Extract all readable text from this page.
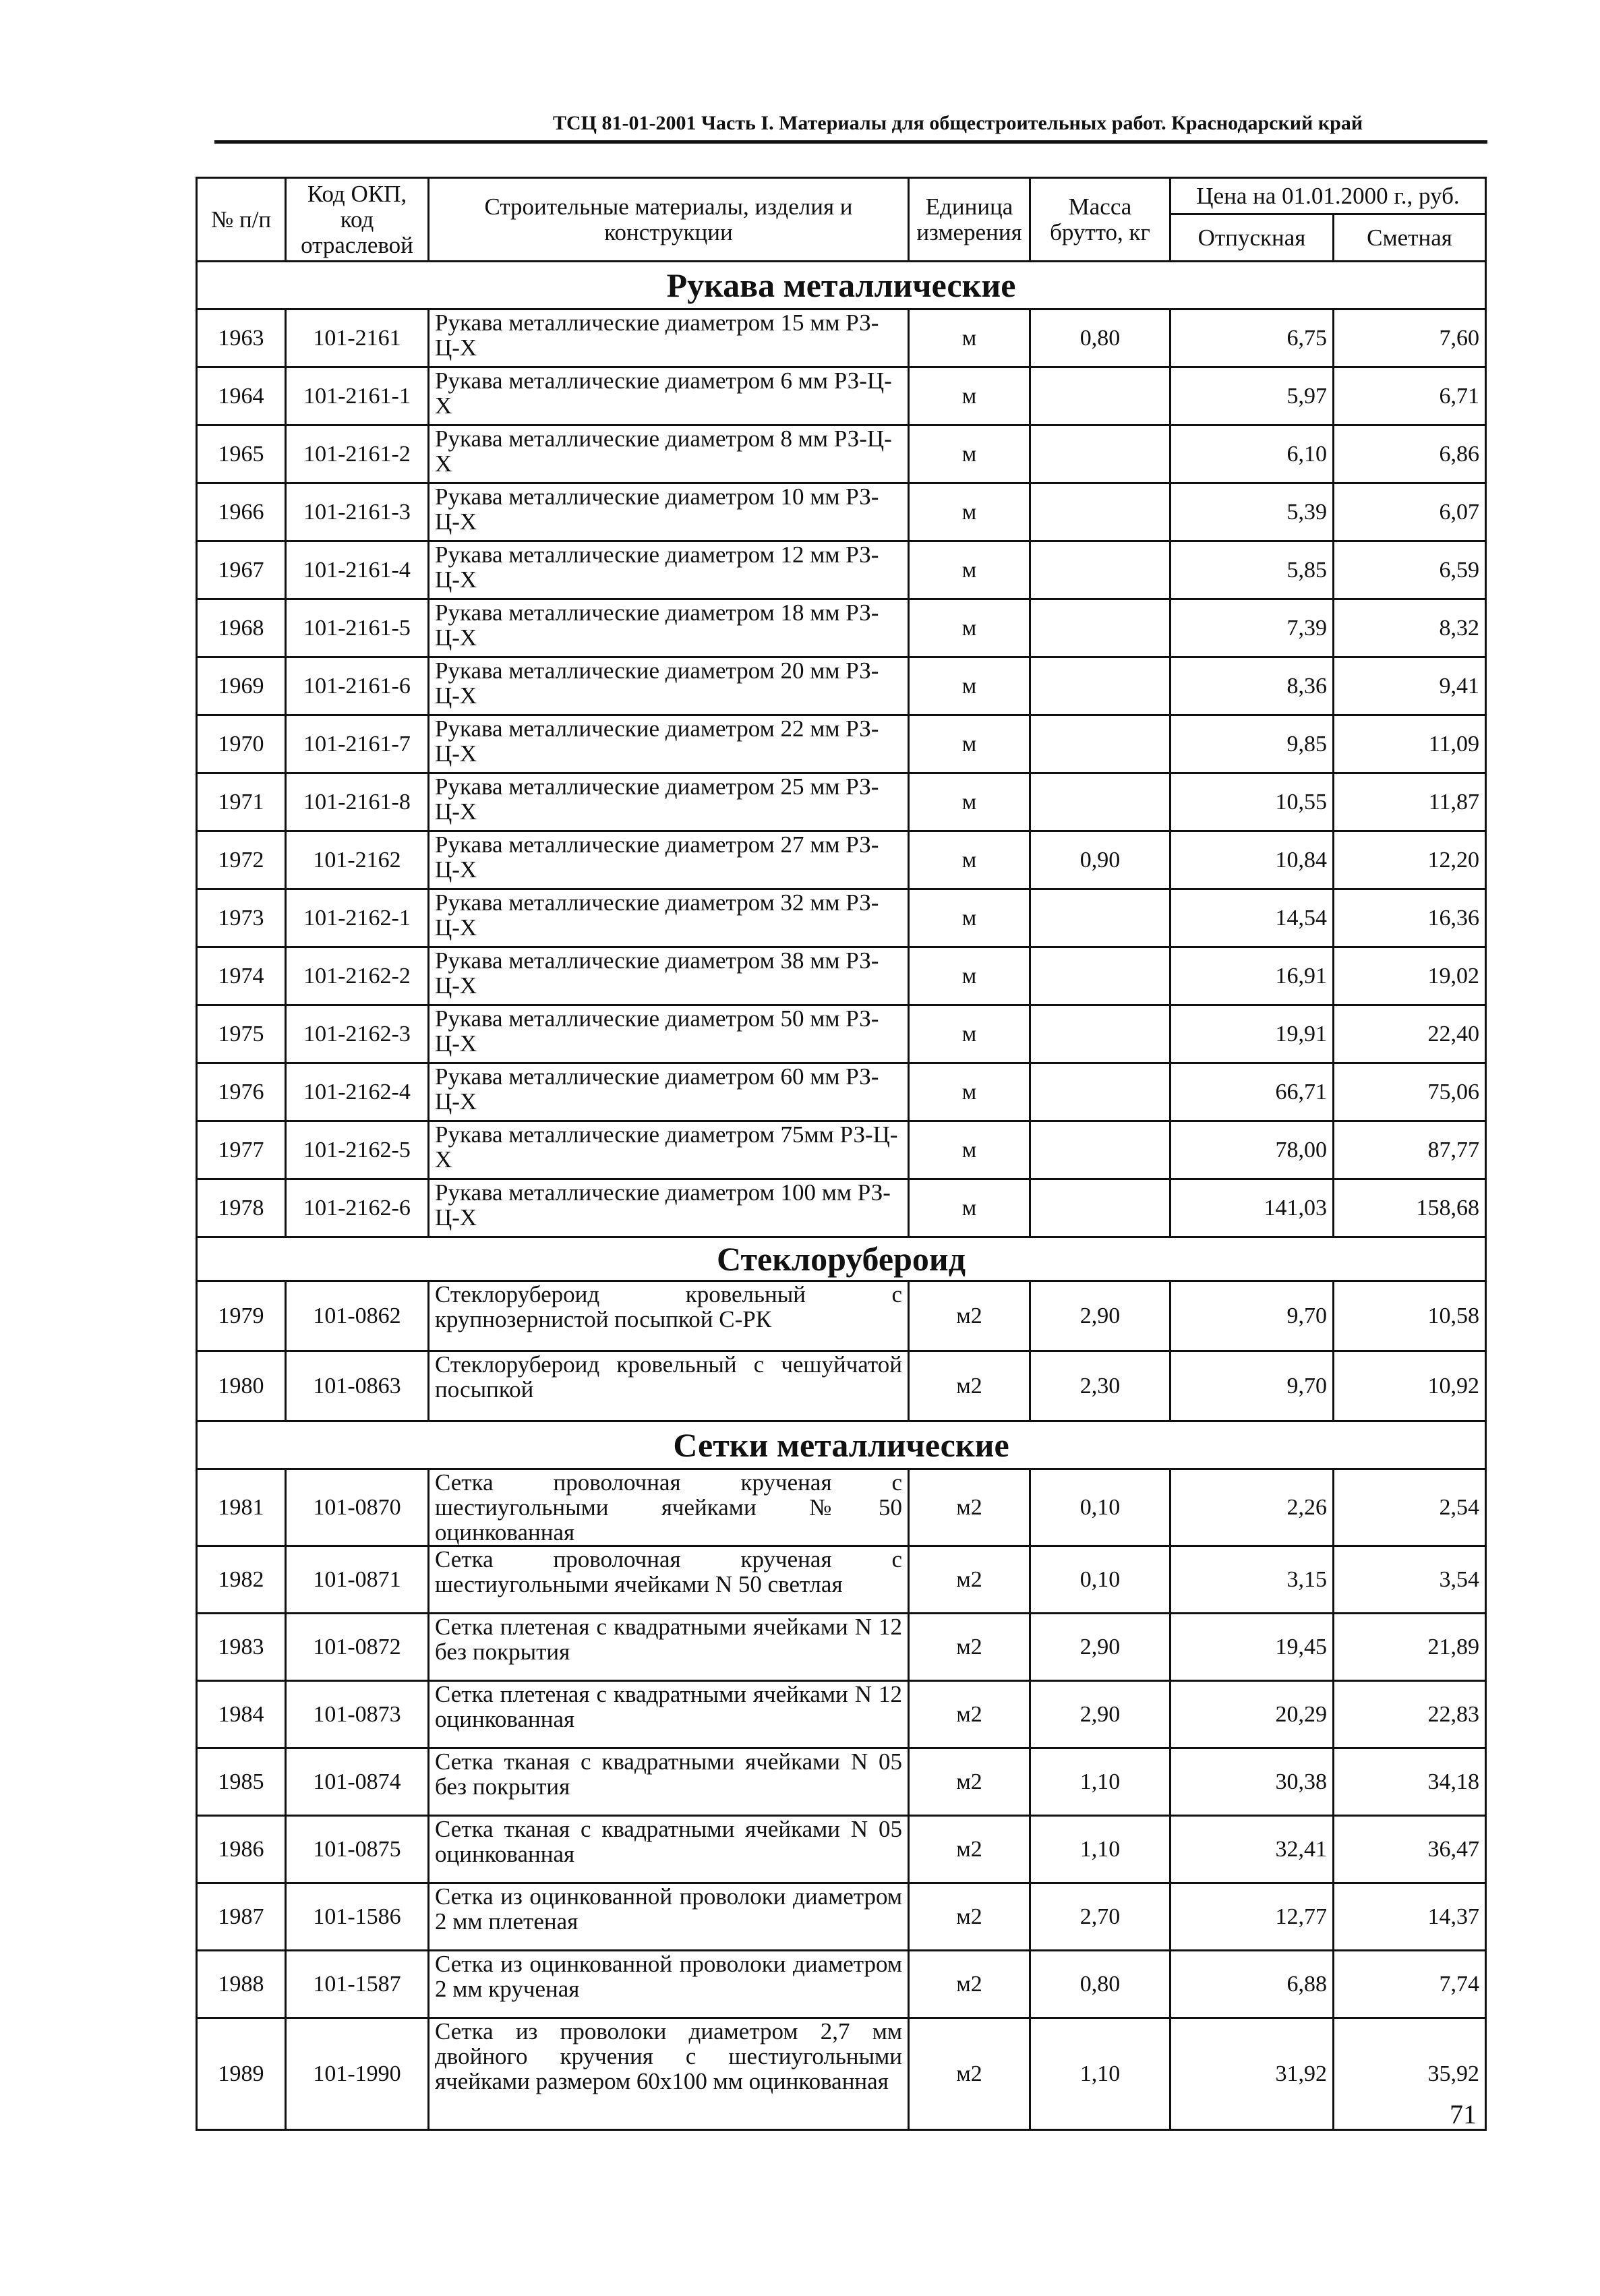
ТСЦ 81-01-2001 Часть I. Материалы для общестроительных работ. Краснодарский край
№ п/п	Код ОКП, код отраслевой	Строительные материалы, изделия и конструкции	Единица измерения	Масса брутто, кг	Цена на 01.01.2000 г., руб.	
					Отпускная	Сметная
Рукава металлические						
1963	101-2161	Рукава металлические диаметром 15 мм РЗ-Ц-Х	м	0,80	6,75	7,60
1964	101-2161-1	Рукава металлические диаметром 6 мм РЗ-Ц-Х	м		5,97	6,71
1965	101-2161-2	Рукава металлические диаметром 8 мм РЗ-Ц-Х	м		6,10	6,86
1966	101-2161-3	Рукава металлические диаметром 10 мм РЗ-Ц-Х	м		5,39	6,07
1967	101-2161-4	Рукава металлические диаметром 12 мм РЗ-Ц-Х	м		5,85	6,59
1968	101-2161-5	Рукава металлические диаметром 18 мм РЗ-Ц-Х	м		7,39	8,32
1969	101-2161-6	Рукава металлические диаметром 20 мм РЗ-Ц-Х	м		8,36	9,41
1970	101-2161-7	Рукава металлические диаметром 22 мм РЗ-Ц-Х	м		9,85	11,09
1971	101-2161-8	Рукава металлические диаметром 25 мм РЗ-Ц-Х	м		10,55	11,87
1972	101-2162	Рукава металлические диаметром 27 мм РЗ-Ц-Х	м	0,90	10,84	12,20
1973	101-2162-1	Рукава металлические диаметром 32 мм РЗ-Ц-Х	м		14,54	16,36
1974	101-2162-2	Рукава металлические диаметром 38 мм РЗ-Ц-Х	м		16,91	19,02
1975	101-2162-3	Рукава металлические диаметром 50 мм РЗ-Ц-Х	м		19,91	22,40
1976	101-2162-4	Рукава металлические диаметром 60 мм РЗ-Ц-Х	м		66,71	75,06
1977	101-2162-5	Рукава металлические диаметром 75мм РЗ-Ц-Х	м		78,00	87,77
1978	101-2162-6	Рукава металлические диаметром 100 мм РЗ-Ц-Х	м		141,03	158,68
Стеклорубероид						
1979	101-0862	Стеклорубероид кровельный с крупнозернистой посыпкой С-РК	м2	2,90	9,70	10,58
1980	101-0863	Стеклорубероид кровельный с чешуйчатой посыпкой	м2	2,30	9,70	10,92
Сетки металлические						
1981	101-0870	Сетка проволочная крученая с шестиугольными ячейками №50 оцинкованная	м2	0,10	2,26	2,54
1982	101-0871	Сетка проволочная крученая с шестиугольными ячейками N 50 светлая	м2	0,10	3,15	3,54
1983	101-0872	Сетка плетеная с квадратными ячейками N 12 без покрытия	м2	2,90	19,45	21,89
1984	101-0873	Сетка плетеная с квадратными ячейками N 12 оцинкованная	м2	2,90	20,29	22,83
1985	101-0874	Сетка тканая с квадратными ячейками N 05 без покрытия	м2	1,10	30,38	34,18
1986	101-0875	Сетка тканая с квадратными ячейками N 05 оцинкованная	м2	1,10	32,41	36,47
1987	101-1586	Сетка из оцинкованной проволоки диаметром 2 мм плетеная	м2	2,70	12,77	14,37
1988	101-1587	Сетка из оцинкованной проволоки диаметром 2 мм крученая	м2	0,80	6,88	7,74
1989	101-1990	Сетка из проволоки диаметром 2,7 мм двойного кручения с шестиугольными ячейками размером 60х100 мм оцинкованная	м2	1,10	31,92	35,92
71
